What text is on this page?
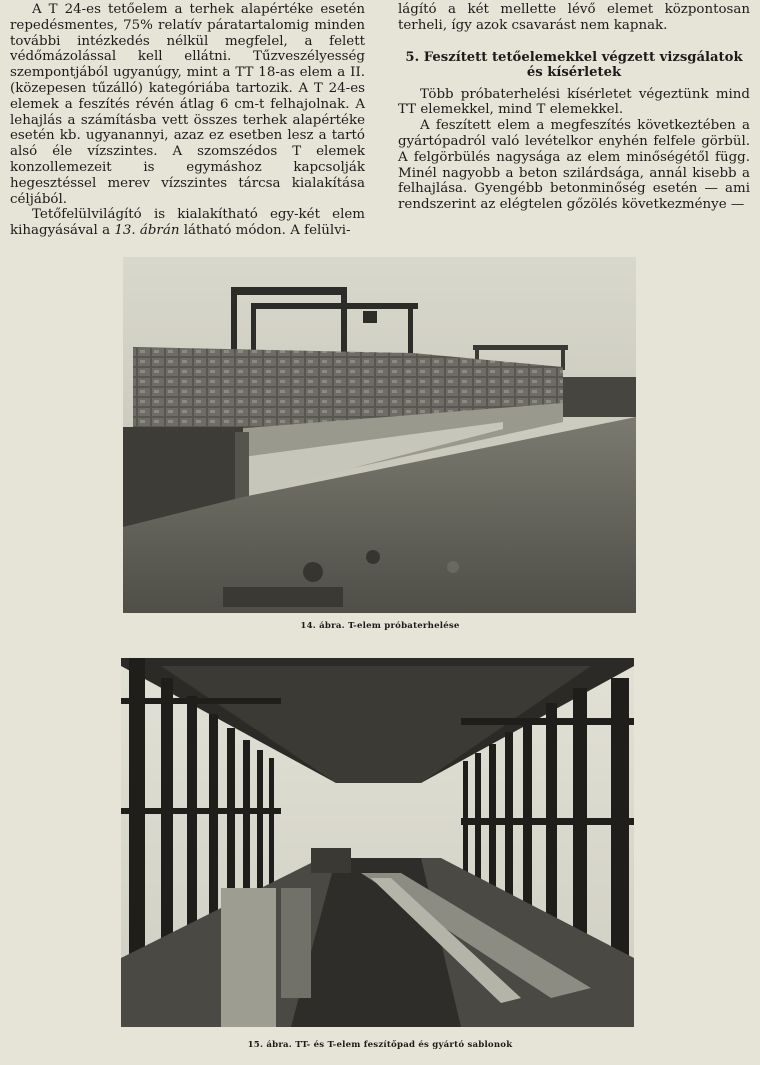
A T 24-es tetőelem a terhek alapértéke esetén repedésmentes, 75% relatív páratartalomig minden további intézkedés nélkül megfelel, a felett védőmázolással kell ellátni. Tűzveszélyesség szempontjából ugyanúgy, mint a TT 18-as elem a II. (közepesen tűzálló) kategóriába tartozik. A T 24-es elemek a feszítés révén átlag 6 cm-t felhajolnak. A lehajlás a számításba vett összes terhek alapértéke esetén kb. ugyanannyi, azaz ez esetben lesz a tartó alsó éle vízszintes. A szomszédos T elemek konzollemezeit is egymáshoz kapcsolják hegesztéssel merev vízszintes tárcsa kialakítása céljából.

Tetőfelülvilágító is kialakítható egy-két elem kihagyásával a 13. ábrán látható módon. A felülvi-

lágító a két mellette lévő elemet központosan terheli, így azok csavarást nem kapnak.

5. Feszített tetőelemekkel végzett vizsgálatok
és kísérletek

Több próbaterhelési kísérletet végeztünk mind TT elemekkel, mind T elemekkel.

A feszített elem a megfeszítés következtében a gyártópadról való levételkor enyhén felfele görbül. A felgörbülés nagysága az elem minőségétől függ. Minél nagyobb a beton szilárdsága, annál kisebb a felhajlása. Gyengébb betonminőség esetén — ami rendszerint az elégtelen gőzölés következménye —

14. ábra. T-elem próbaterhelése
15. ábra. TT- és T-elem feszítőpad és gyártó sablonok
